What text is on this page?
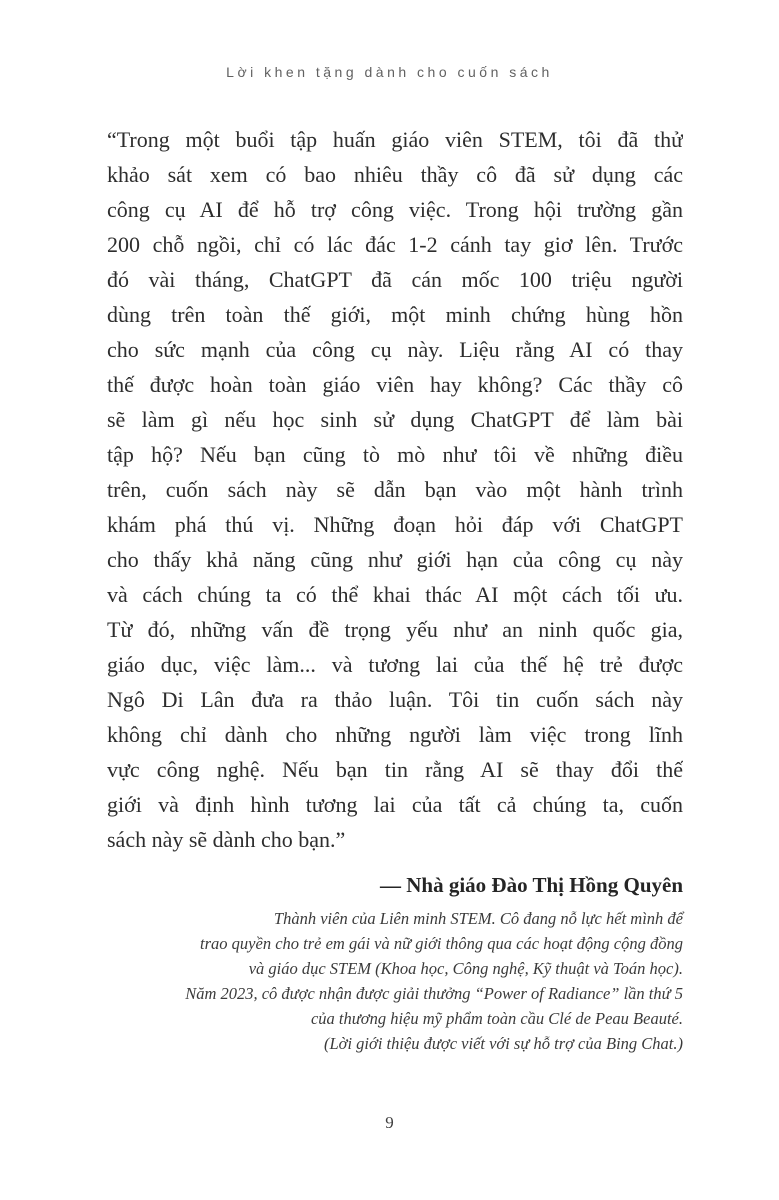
Lời khen tặng dành cho cuốn sách
“Trong một buổi tập huấn giáo viên STEM, tôi đã thử
khảo sát xem có bao nhiêu thầy cô đã sử dụng các
công cụ AI để hỗ trợ công việc. Trong hội trường gần
200 chỗ ngồi, chỉ có lác đác 1-2 cánh tay giơ lên. Trước
đó vài tháng, ChatGPT đã cán mốc 100 triệu người
dùng trên toàn thế giới, một minh chứng hùng hồn
cho sức mạnh của công cụ này. Liệu rằng AI có thay
thế được hoàn toàn giáo viên hay không? Các thầy cô
sẽ làm gì nếu học sinh sử dụng ChatGPT để làm bài
tập hộ? Nếu bạn cũng tò mò như tôi về những điều
trên, cuốn sách này sẽ dẫn bạn vào một hành trình
khám phá thú vị. Những đoạn hỏi đáp với ChatGPT
cho thấy khả năng cũng như giới hạn của công cụ này
và cách chúng ta có thể khai thác AI một cách tối ưu.
Từ đó, những vấn đề trọng yếu như an ninh quốc gia,
giáo dục, việc làm... và tương lai của thế hệ trẻ được
Ngô Di Lân đưa ra thảo luận. Tôi tin cuốn sách này
không chỉ dành cho những người làm việc trong lĩnh
vực công nghệ. Nếu bạn tin rằng AI sẽ thay đổi thế
giới và định hình tương lai của tất cả chúng ta, cuốn
sách này sẽ dành cho bạn.”
— Nhà giáo Đào Thị Hồng Quyên
Thành viên của Liên minh STEM. Cô đang nỗ lực hết mình để
trao quyền cho trẻ em gái và nữ giới thông qua các hoạt động cộng đồng
và giáo dục STEM (Khoa học, Công nghệ, Kỹ thuật và Toán học).
Năm 2023, cô được nhận được giải thưởng “Power of Radiance” lần thứ 5
của thương hiệu mỹ phẩm toàn cầu Clé de Peau Beauté.
(Lời giới thiệu được viết với sự hỗ trợ của Bing Chat.)
9
